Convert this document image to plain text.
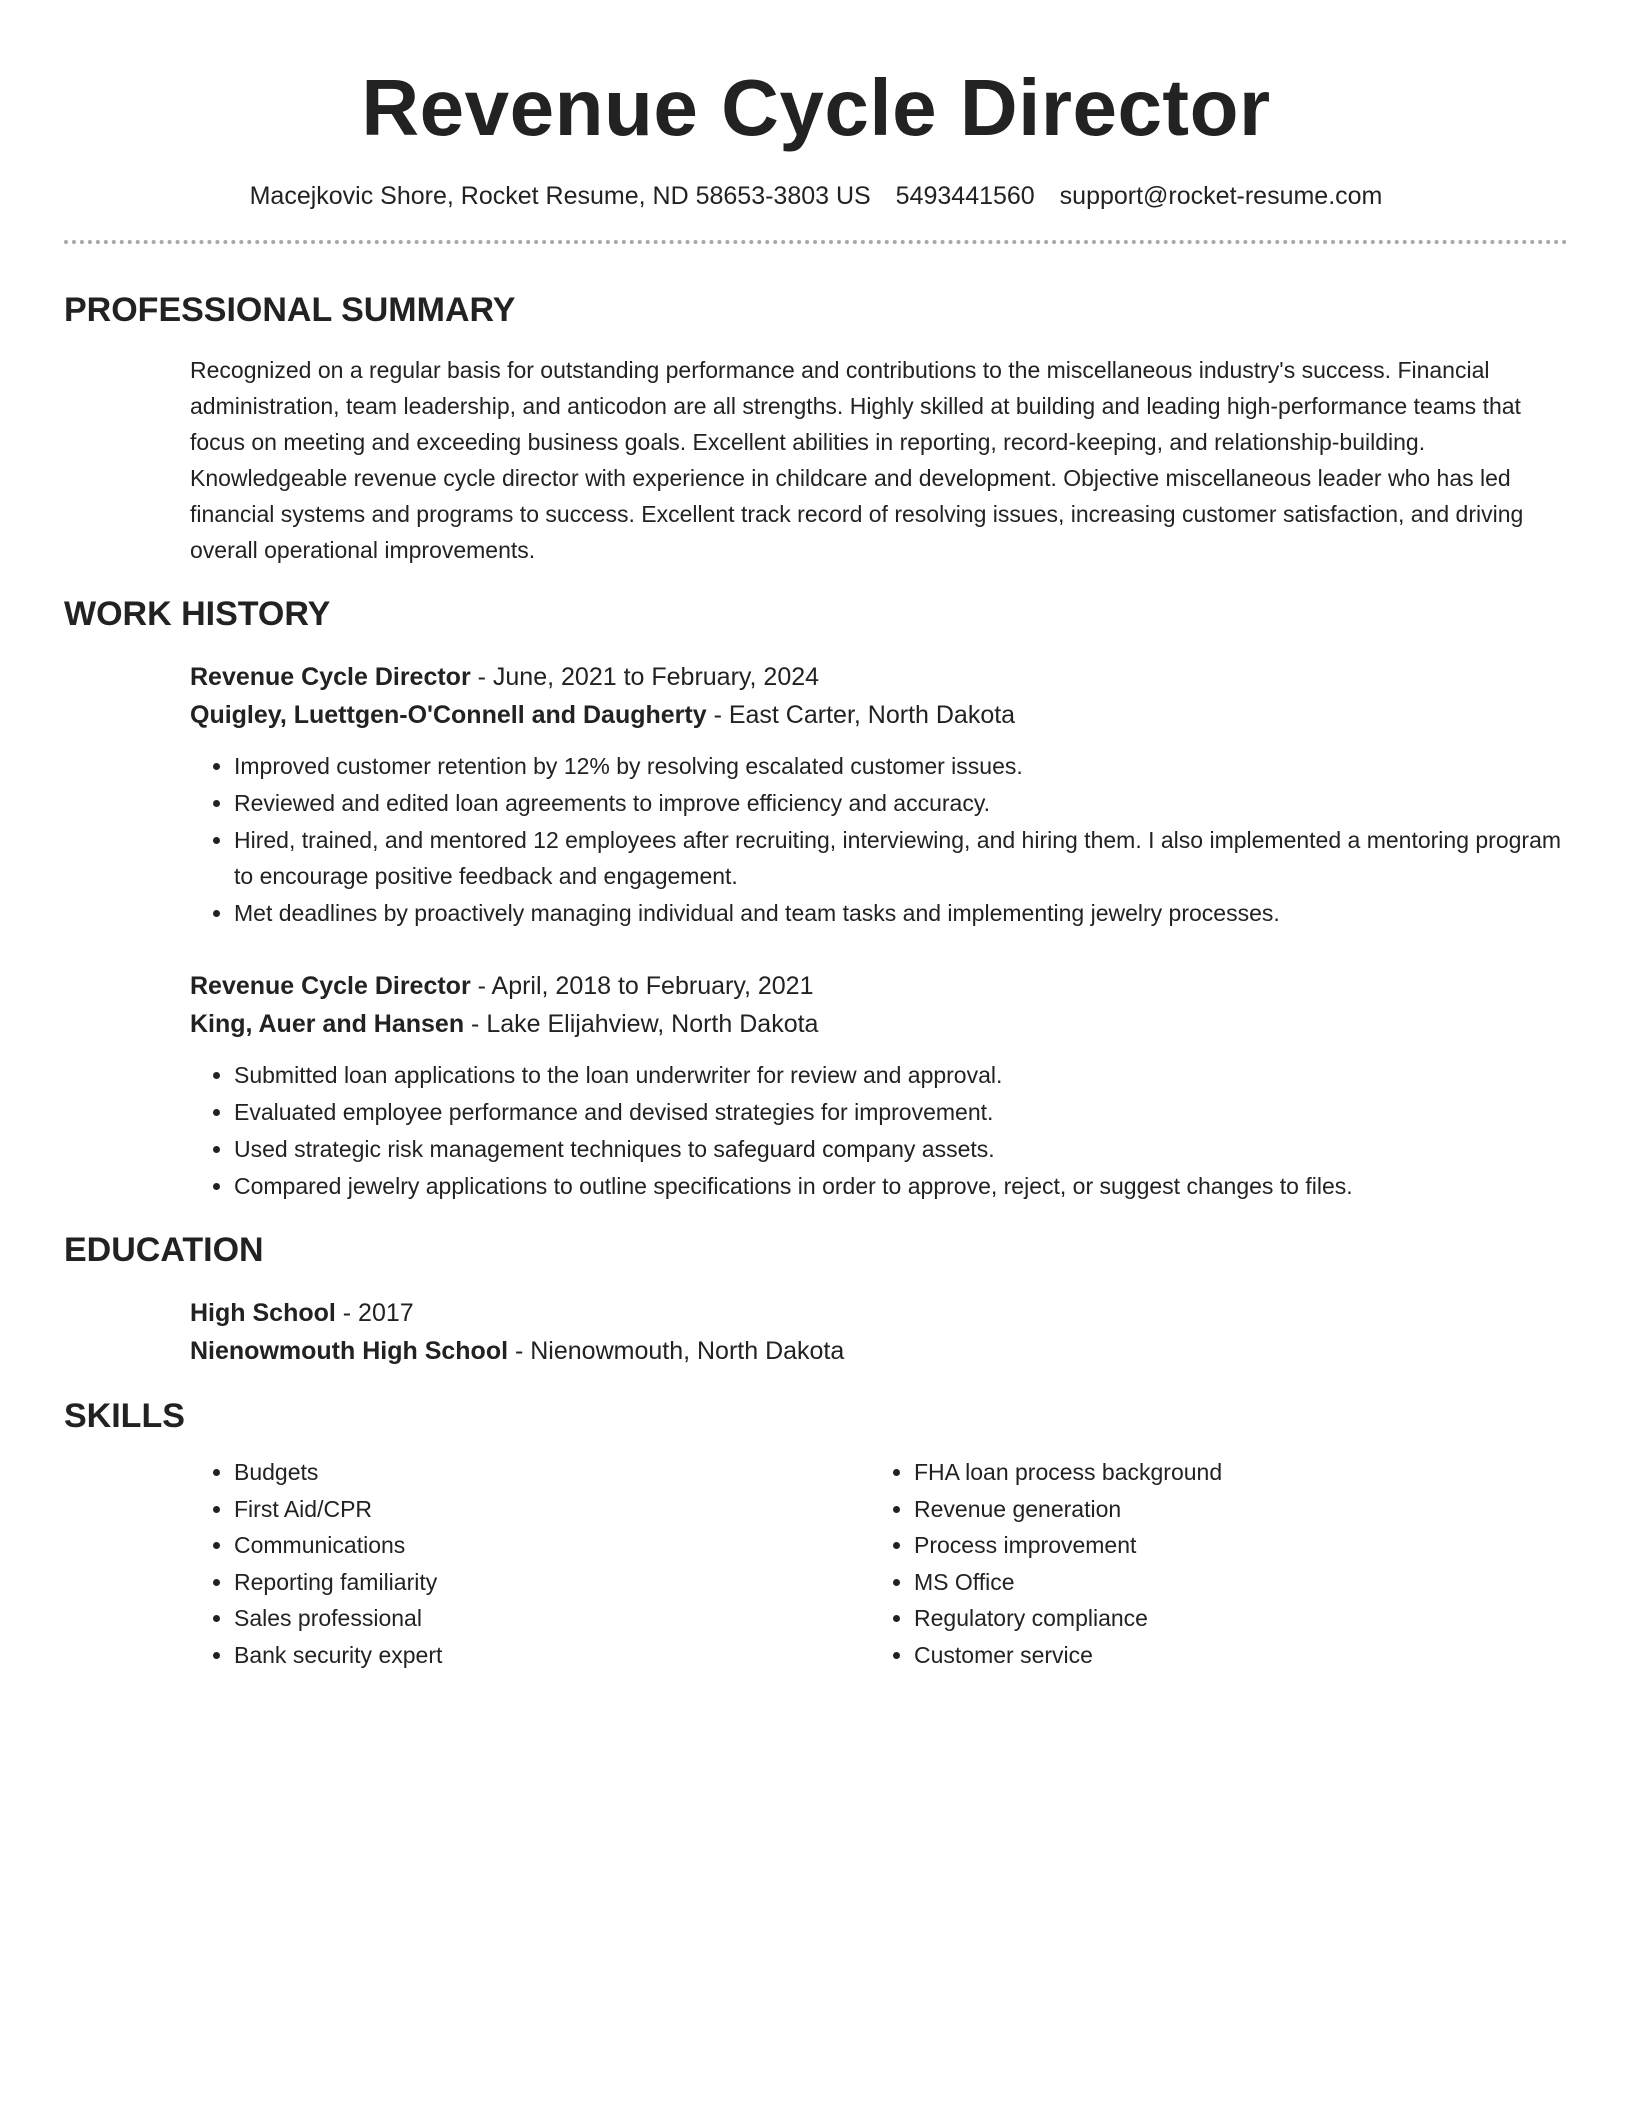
Revenue Cycle Director
Macejkovic Shore, Rocket Resume, ND 58653-3803 US 5493441560 support@rocket-resume.com
PROFESSIONAL SUMMARY
Recognized on a regular basis for outstanding performance and contributions to the miscellaneous industry's success. Financial administration, team leadership, and anticodon are all strengths. Highly skilled at building and leading high-performance teams that focus on meeting and exceeding business goals. Excellent abilities in reporting, record-keeping, and relationship-building. Knowledgeable revenue cycle director with experience in childcare and development. Objective miscellaneous leader who has led financial systems and programs to success. Excellent track record of resolving issues, increasing customer satisfaction, and driving overall operational improvements.
WORK HISTORY
Revenue Cycle Director - June, 2021 to February, 2024
Quigley, Luettgen-O'Connell and Daugherty - East Carter, North Dakota
• Improved customer retention by 12% by resolving escalated customer issues.
• Reviewed and edited loan agreements to improve efficiency and accuracy.
• Hired, trained, and mentored 12 employees after recruiting, interviewing, and hiring them. I also implemented a mentoring program to encourage positive feedback and engagement.
• Met deadlines by proactively managing individual and team tasks and implementing jewelry processes.
Revenue Cycle Director - April, 2018 to February, 2021
King, Auer and Hansen - Lake Elijahview, North Dakota
• Submitted loan applications to the loan underwriter for review and approval.
• Evaluated employee performance and devised strategies for improvement.
• Used strategic risk management techniques to safeguard company assets.
• Compared jewelry applications to outline specifications in order to approve, reject, or suggest changes to files.
EDUCATION
High School - 2017
Nienowmouth High School - Nienowmouth, North Dakota
SKILLS
• Budgets
• First Aid/CPR
• Communications
• Reporting familiarity
• Sales professional
• Bank security expert
• FHA loan process background
• Revenue generation
• Process improvement
• MS Office
• Regulatory compliance
• Customer service
